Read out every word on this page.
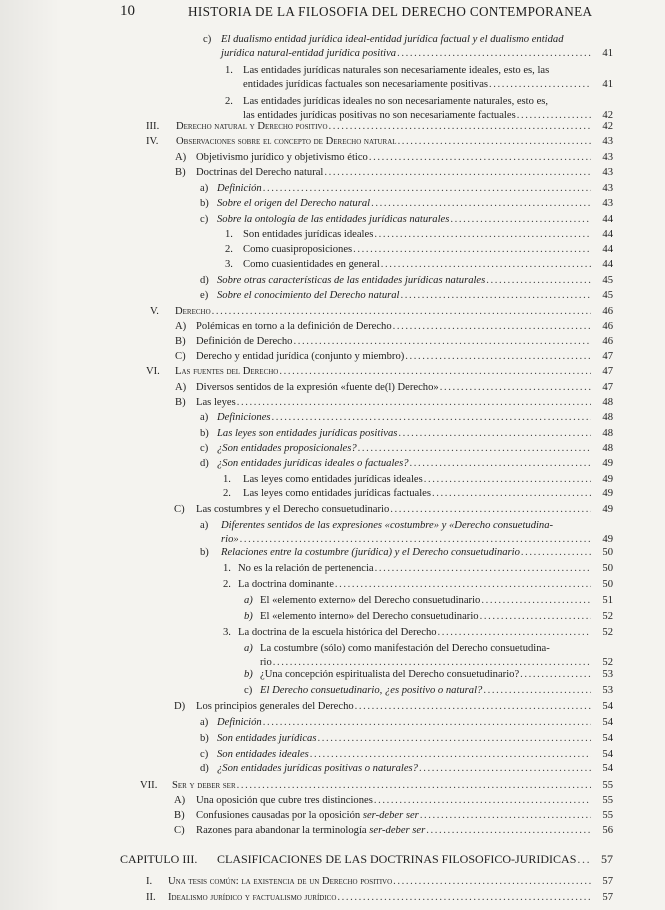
10	HISTORIA DE LA FILOSOFIA DEL DERECHO CONTEMPORANEA
c) El dualismo entidad jurídica ideal-entidad jurídica factual y el dualismo entidad
jurídica natural-entidad jurídica positiva .....	41
1. Las entidades jurídicas naturales son necesariamente ideales, esto es, las
entidades jurídicas factuales son necesariamente positivas .....	41
2. Las entidades jurídicas ideales no son necesariamente naturales, esto es,
las entidades jurídicas positivas no son necesariamente factuales .....	42
III. Derecho natural y Derecho positivo .....	42
IV. Observaciones sobre el concepto de Derecho natural .....	43
A) Objetivismo jurídico y objetivismo ético .....	43
B) Doctrinas del Derecho natural .....	43
a) Definición .....	43
b) Sobre el origen del Derecho natural .....	43
c) Sobre la ontología de las entidades jurídicas naturales .....	44
1. Son entidades jurídicas ideales .....	44
2. Como cuasiproposiciones .....	44
3. Como cuasientidades en general .....	44
d) Sobre otras características de las entidades jurídicas naturales .....	45
e) Sobre el conocimiento del Derecho natural .....	45
V. Derecho .....	46
A) Polémicas en torno a la definición de Derecho .....	46
B) Definición de Derecho .....	46
C) Derecho y entidad jurídica (conjunto y miembro) .....	47
VI. Las fuentes del Derecho .....	47
A) Diversos sentidos de la expresión «fuente de(l) Derecho» .....	47
B) Las leyes .....	48
a) Definiciones .....	48
b) Las leyes son entidades jurídicas positivas .....	48
c) ¿Son entidades proposicionales? .....	48
d) ¿Son entidades jurídicas ideales o factuales? .....	49
1. Las leyes como entidades jurídicas ideales .....	49
2. Las leyes como entidades jurídicas factuales .....	49
C) Las costumbres y el Derecho consuetudinario .....	49
a) Diferentes sentidos de las expresiones «costumbre» y «Derecho consuetudina-
rio» .....	49
b) Relaciones entre la costumbre (jurídica) y el Derecho consuetudinario .....	50
1. No es la relación de pertenencia .....	50
2. La doctrina dominante .....	50
a) El «elemento externo» del Derecho consuetudinario .....	51
b) El «elemento interno» del Derecho consuetudinario .....	52
3. La doctrina de la escuela histórica del Derecho .....	52
a) La costumbre (sólo) como manifestación del Derecho consuetudina-
rio .....	52
b) ¿Una concepción espiritualista del Derecho consuetudinario? .....	53
c) El Derecho consuetudinario, ¿es positivo o natural? .....	53
D) Los principios generales del Derecho .....	54
a) Definición .....	54
b) Son entidades jurídicas .....	54
c) Son entidades ideales .....	54
d) ¿Son entidades jurídicas positivas o naturales? .....	54
VII. Ser y deber ser .....	55
A) Una oposición que cubre tres distinciones .....	55
B) Confusiones causadas por la oposición ser-deber ser .....	55
C) Razones para abandonar la terminología ser-deber ser .....	56
CAPITULO III. CLASIFICACIONES DE LAS DOCTRINAS FILOSOFICO-JURIDICAS .....	57
I. Una tesis común: la existencia de un Derecho positivo .....	57
II. Idealismo jurídico y factualismo jurídico .....	57
